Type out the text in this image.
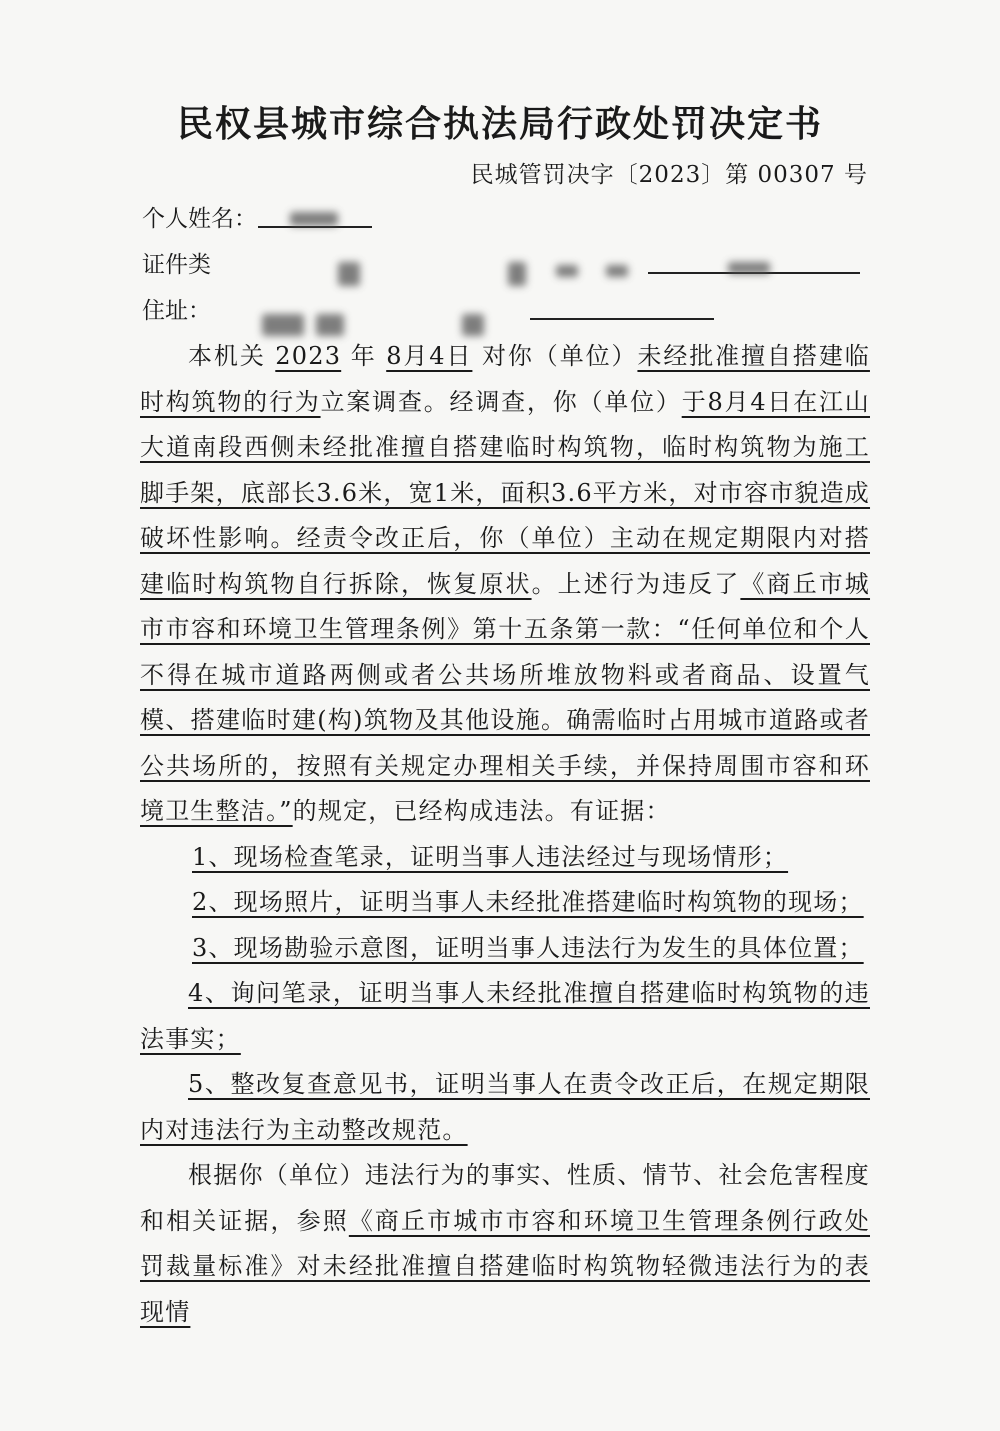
民权县城市综合执法局行政处罚决定书
民城管罚决字〔2023〕第 00307 号
个人姓名：
证件类
住址：

本机关 2023 年 8月4日 对你（单位）未经批准擅自搭建临时构筑物的行为立案调查。经调查，你（单位）于8月4日在江山大道南段西侧未经批准擅自搭建临时构筑物，临时构筑物为施工脚手架，底部长3.6米，宽1米，面积3.6平方米，对市容市貌造成破坏性影响。经责令改正后，你（单位）主动在规定期限内对搭建临时构筑物自行拆除，恢复原状。上述行为违反了《商丘市城市市容和环境卫生管理条例》第十五条第一款：“任何单位和个人不得在城市道路两侧或者公共场所堆放物料或者商品、设置气模、搭建临时建(构)筑物及其他设施。确需临时占用城市道路或者公共场所的，按照有关规定办理相关手续，并保持周围市容和环境卫生整洁。”的规定，已经构成违法。有证据：

1、现场检查笔录，证明当事人违法经过与现场情形；

2、现场照片，证明当事人未经批准搭建临时构筑物的现场；

3、现场勘验示意图，证明当事人违法行为发生的具体位置；

4、询问笔录，证明当事人未经批准擅自搭建临时构筑物的违法事实；

5、整改复查意见书，证明当事人在责令改正后，在规定期限内对违法行为主动整改规范。

根据你（单位）违法行为的事实、性质、情节、社会危害程度和相关证据，参照《商丘市城市市容和环境卫生管理条例行政处罚裁量标准》对未经批准擅自搭建临时构筑物轻微违法行为的表现情
